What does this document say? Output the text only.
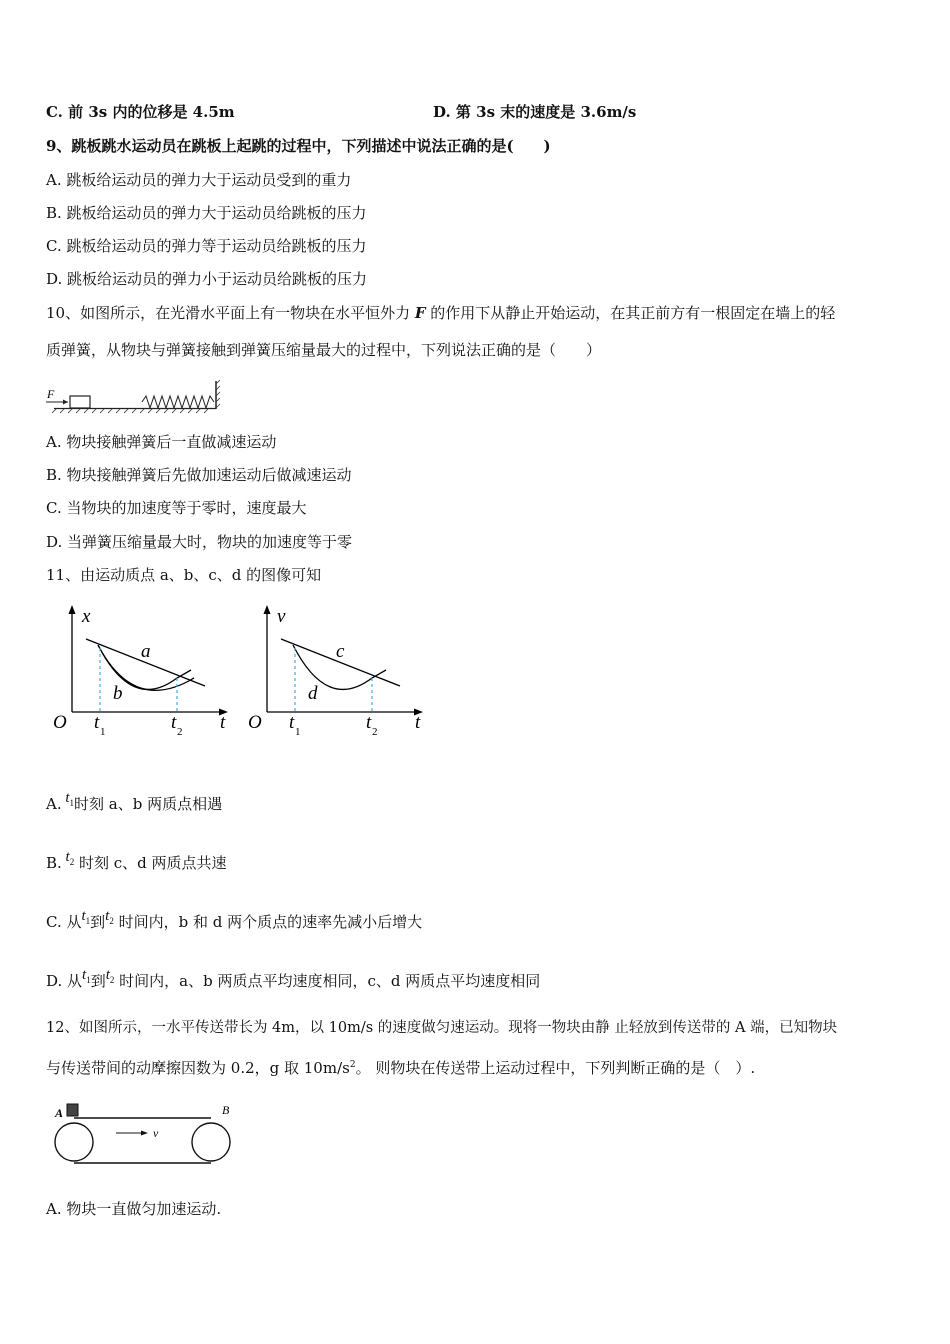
C. 前 3s 内的位移是 4.5m	D. 第 3s 末的速度是 3.6m/s
9、跳板跳水运动员在跳板上起跳的过程中，下列描述中说法正确的是(　　)
A. 跳板给运动员的弹力大于运动员受到的重力
B. 跳板给运动员的弹力大于运动员给跳板的压力
C. 跳板给运动员的弹力等于运动员给跳板的压力
D. 跳板给运动员的弹力小于运动员给跳板的压力
10、如图所示，在光滑水平面上有一物块在水平恒外力 F 的作用下从静止开始运动，在其正前方有一根固定在墙上的轻
质弹簧，从物块与弹簧接触到弹簧压缩量最大的过程中，下列说法正确的是（　　）
F
A. 物块接触弹簧后一直做减速运动
B. 物块接触弹簧后先做加速运动后做减速运动
C. 当物块的加速度等于零时，速度最大
D. 当弹簧压缩量最大时，物块的加速度等于零
11、由运动质点 a、b、c、d 的图像可知
x
a
b
O t 1	t 2 t
v
c
d
O t 1	t 2 t
A. $t_1$时刻 a、b 两质点相遇
B. $t_2$ 时刻 c、d 两质点共速
C. 从$t_1$到$t_2$ 时间内，b 和 d 两个质点的速率先减小后增大
D. 从$t_1$到$t_2$ 时间内，a、b 两质点平均速度相同，c、d 两质点平均速度相同
12、如图所示，一水平传送带长为 4m，以 10m/s 的速度做匀速运动。现将一物块由静 止轻放到传送带的 A 端，已知物块
与传送带间的动摩擦因数为 0.2，g 取 $10m/s^2$。 则物块在传送带上运动过程中，下列判断正确的是（　）.
A	B
v
A. 物块一直做匀加速运动.
